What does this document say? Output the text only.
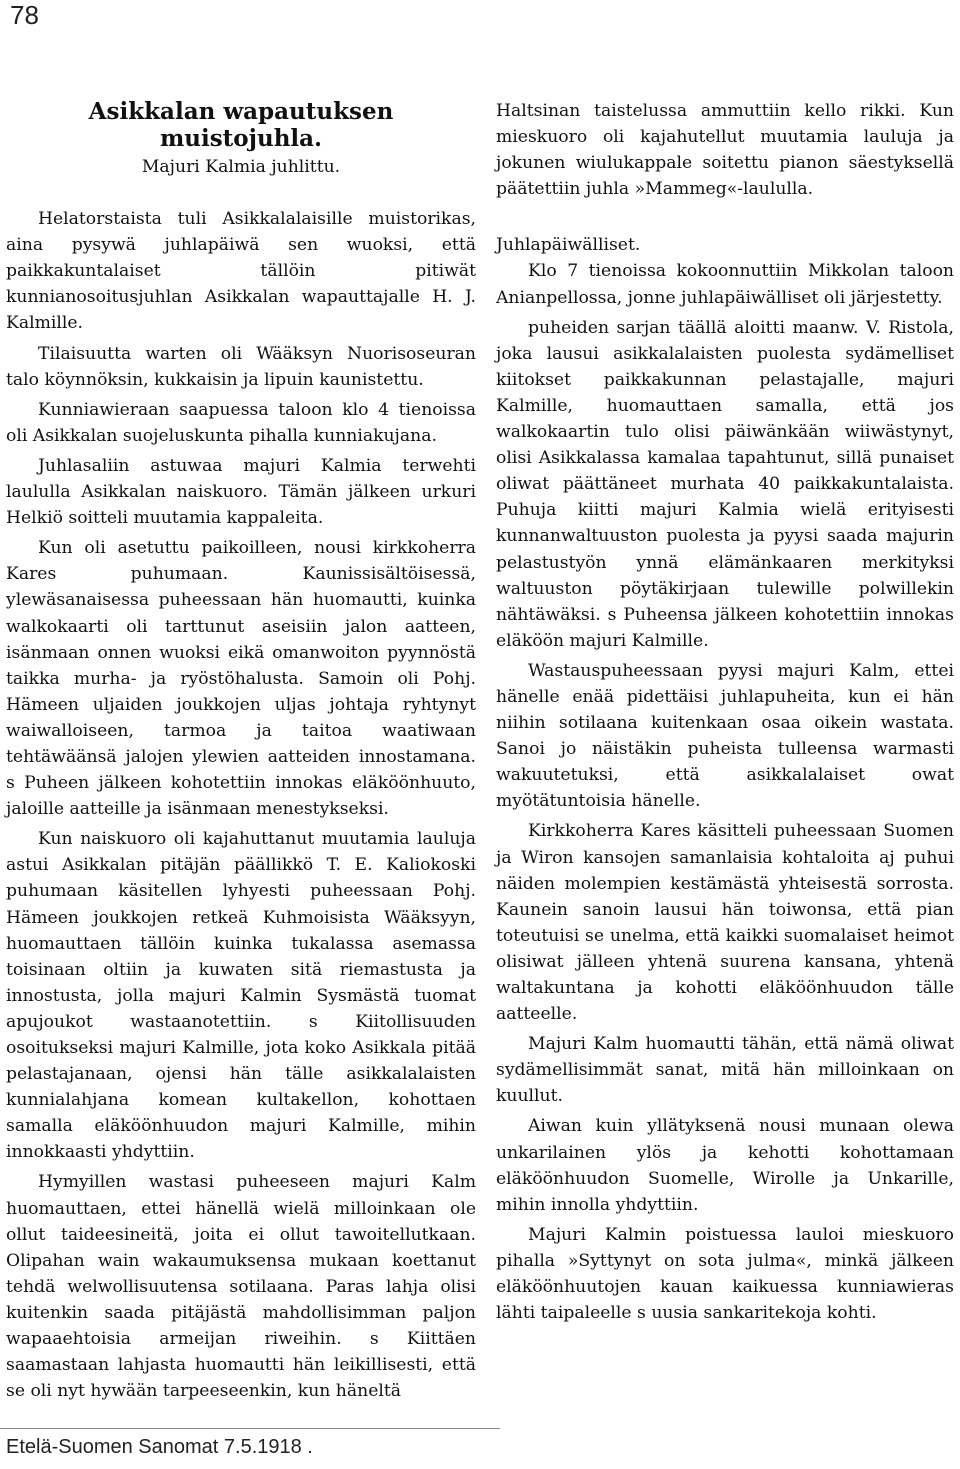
78
Asikkalan wapautuksen muistojuhla.
Majuri Kalmia juhlittu.

Helatorstaista tuli Asikkalalaisille muistorikas, aina pysywä juhlapäiwä sen wuoksi, että paikkakuntalaiset tällöin pitiwät kunnianosoitusjuhlan Asikkalan wapauttajalle H. J. Kalmille.

Tilaisuutta warten oli Wääksyn Nuorisoseuran talo köynnöksin, kukkaisin ja lipuin kaunistettu.

Kunniawieraan saapuessa taloon klo 4 tienoissa oli Asikkalan suojeluskunta pihalla kunniakujana.

Juhlasaliin astuwaa majuri Kalmia terwehti laululla Asikkalan naiskuoro. Tämän jälkeen urkuri Helkiö soitteli muutamia kappaleita.

Kun oli asetuttu paikoilleen, nousi kirkkoherra Kares puhumaan. Kaunissisältöisessä, ylewäsanaisessa puheessaan hän huomautti, kuinka walkokaarti oli tarttunut aseisiin jalon aatteen, isänmaan onnen wuoksi eikä omanwoiton pyynnöstä taikka murha- ja ryöstöhalusta. Samoin oli Pohj. Hämeen uljaiden joukkojen uljas johtaja ryhtynyt waiwalloiseen, tarmoa ja taitoa waatiwaan tehtäwäänsä jalojen ylewien aatteiden innostamana. s Puheen jälkeen kohotettiin innokas eläköönhuuto, jaloille aatteille ja isänmaan menestykseksi.

Kun naiskuoro oli kajahuttanut muutamia lauluja astui Asikkalan pitäjän päällikkö T. E. Kaliokoski puhumaan käsitellen lyhyesti puheessaan Pohj. Hämeen joukkojen retkeä Kuhmoisista Wääksyyn, huomauttaen tällöin kuinka tukalassa asemassa toisinaan oltiin ja kuwaten sitä riemastusta ja innostusta, jolla majuri Kalmin Sysmästä tuomat apujoukot wastaanotettiin. s Kiitollisuuden osoitukseksi majuri Kalmille, jota koko Asikkala pitää pelastajanaan, ojensi hän tälle asikkalalaisten kunnialahjana komean kultakellon, kohottaen samalla eläköönhuudon majuri Kalmille, mihin innokkaasti yhdyttiin.

Hymyillen wastasi puheeseen majuri Kalm huomauttaen, ettei hänellä wielä milloinkaan ole ollut taideesineitä, joita ei ollut tawoitellutkaan. Olipahan wain wakaumuksensa mukaan koettanut tehdä welwollisuutensa sotilaana. Paras lahja olisi kuitenkin saada pitäjästä mahdollisimman paljon wapaaehtoisia armeijan riweihin. s Kiittäen saamastaan lahjasta huomautti hän leikillisesti, että se oli nyt hywään tarpeeseenkin, kun häneltä

Haltsinan taistelussa ammuttiin kello rikki. Kun mieskuoro oli kajahutellut muutamia lauluja ja jokunen wiulukappale soitettu pianon säestyksellä päätettiin juhla »Mammeg«-laululla.

Juhlapäiwälliset.

Klo 7 tienoissa kokoonnuttiin Mikkolan taloon Anianpellossa, jonne juhlapäiwälliset oli järjestetty.

puheiden sarjan täällä aloitti maanw. V. Ristola, joka lausui asikkalalaisten puolesta sydämelliset kiitokset paikkakunnan pelastajalle, majuri Kalmille, huomauttaen samalla, että jos walkokaartin tulo olisi päiwänkään wiiwästynyt, olisi Asikkalassa kamalaa tapahtunut, sillä punaiset oliwat päättäneet murhata 40 paikkakuntalaista. Puhuja kiitti majuri Kalmia wielä erityisesti kunnanwaltuuston puolesta ja pyysi saada majurin pelastustyön ynnä elämänkaaren merkityksi waltuuston pöytäkirjaan tulewille polwillekin nähtäwäksi. s Puheensa jälkeen kohotettiin innokas eläköön majuri Kalmille.

Wastauspuheessaan pyysi majuri Kalm, ettei hänelle enää pidettäisi juhlapuheita, kun ei hän niihin sotilaana kuitenkaan osaa oikein wastata. Sanoi jo näistäkin puheista tulleensa warmasti wakuutetuksi, että asikkalalaiset owat myötätuntoisia hänelle.

Kirkkoherra Kares käsitteli puheessaan Suomen ja Wiron kansojen samanlaisia kohtaloita aj puhui näiden molempien kestämästä yhteisestä sorrosta. Kaunein sanoin lausui hän toiwonsa, että pian toteutuisi se unelma, että kaikki suomalaiset heimot olisiwat jälleen yhtenä suurena kansana, yhtenä waltakuntana ja kohotti eläköönhuudon tälle aatteelle.

Majuri Kalm huomautti tähän, että nämä oliwat sydämellisimmät sanat, mitä hän milloinkaan on kuullut.

Aiwan kuin yllätyksenä nousi munaan olewa unkarilainen ylös ja kehotti kohottamaan eläköönhuudon Suomelle, Wirolle ja Unkarille, mihin innolla yhdyttiin.

Majuri Kalmin poistuessa lauloi mieskuoro pihalla »Syttynyt on sota julma«, minkä jälkeen eläköönhuutojen kauan kaikuessa kunniawieras lähti taipaleelle s uusia sankaritekoja kohti.

Etelä-Suomen Sanomat 7.5.1918 .
